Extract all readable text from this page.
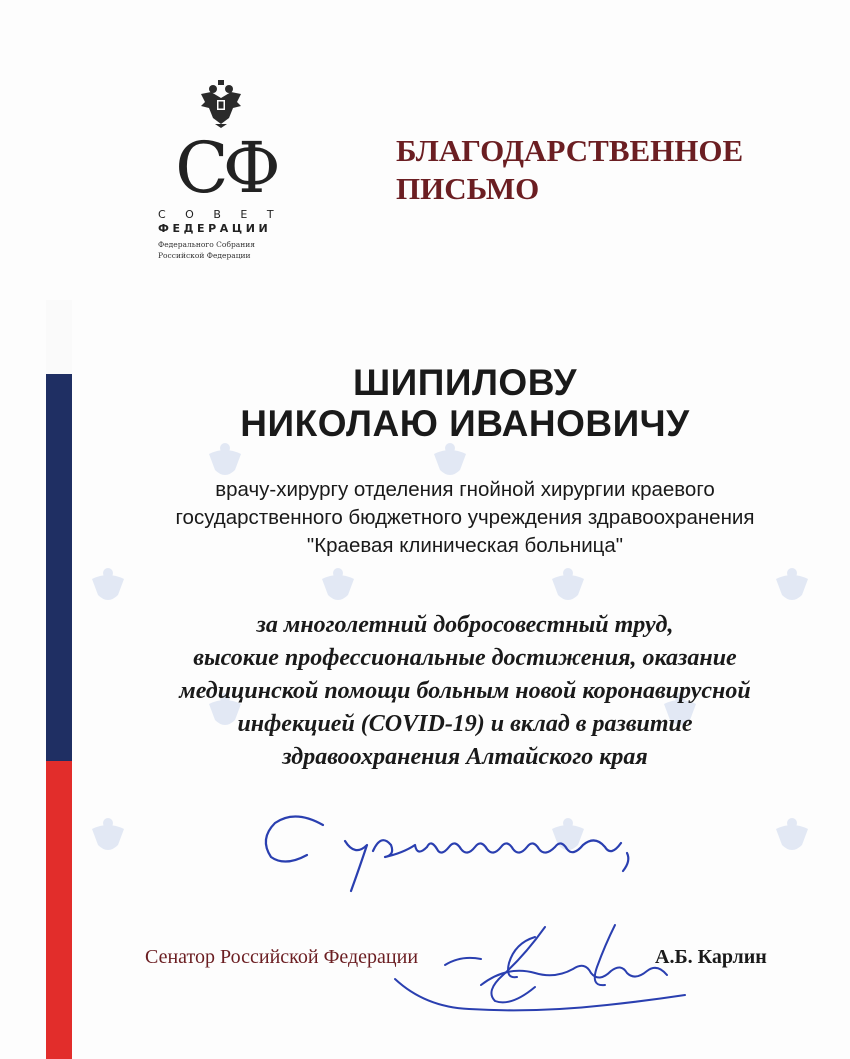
СФ
С О В Е Т
ФЕДЕРАЦИИ
Федерального Собрания
Российской Федерации
БЛАГОДАРСТВЕННОЕ
ПИСЬМО
ШИПИЛОВУ
НИКОЛАЮ ИВАНОВИЧУ
врачу-хирургу отделения гнойной хирургии краевого
государственного бюджетного учреждения здравоохранения
"Краевая клиническая больница"
за многолетний добросовестный труд,
высокие профессиональные достижения, оказание
медицинской помощи больным новой коронавирусной
инфекцией (COVID-19) и вклад в развитие
здравоохранения Алтайского края
Сенатор Российской Федерации	А.Б. Карлин
